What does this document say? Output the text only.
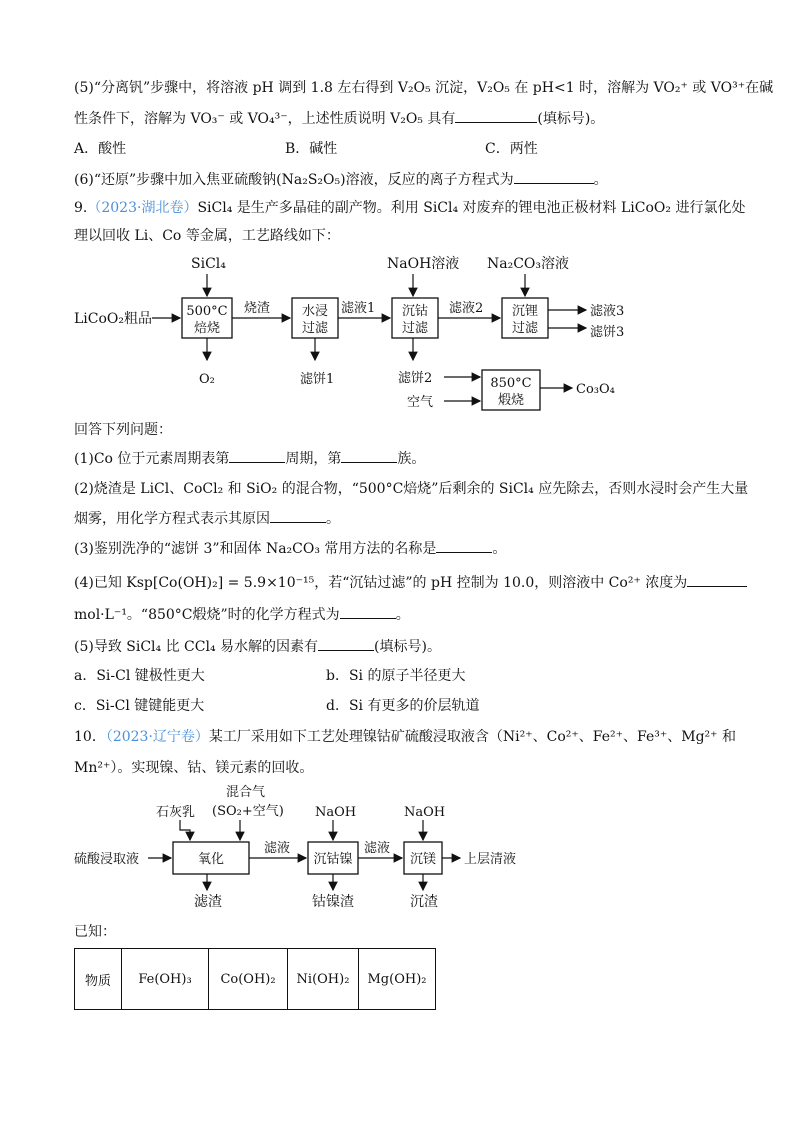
(5)“分离钒”步骤中，将溶液 pH 调到 1.8 左右得到 V₂O₅ 沉淀，V₂O₅ 在 pH<1 时，溶解为 VO₂⁺ 或 VO³⁺在碱
性条件下，溶解为 VO₃⁻ 或 VO₄³⁻，上述性质说明 V₂O₅ 具有	(填标号)。
A．酸性	B．碱性	C．两性
(6)“还原”步骤中加入焦亚硫酸钠(Na₂S₂O₅)溶液，反应的离子方程式为	。
9.（2023·湖北卷）SiCl₄ 是生产多晶硅的副产物。利用 SiCl₄ 对废弃的锂电池正极材料 LiCoO₂ 进行氯化处
理以回收 Li、Co 等金属，工艺路线如下：
SiCl₄	NaOH溶液 Na₂CO₃溶液
LiCoO₂粗品	500°C
焙烧
烧渣
O₂
水浸
过滤
滤液1
滤饼1
沉钴
过滤
滤液2 沉锂
过滤
滤液3
滤饼3
滤饼2
空气
850°C
煅烧
Co₃O₄
回答下列问题：
(1)Co 位于元素周期表第	周期，第	族。
(2)烧渣是 LiCl、CoCl₂ 和 SiO₂ 的混合物，“500°C焙烧”后剩余的 SiCl₄ 应先除去，否则水浸时会产生大量
烟雾，用化学方程式表示其原因	。
(3)鉴别洗净的“滤饼 3”和固体 Na₂CO₃ 常用方法的名称是	。
(4)已知 Ksp[Co(OH)₂] = 5.9×10⁻¹⁵，若“沉钴过滤”的 pH 控制为 10.0，则溶液中 Co²⁺ 浓度为
mol·L⁻¹。“850°C煅烧”时的化学方程式为	。
(5)导致 SiCl₄ 比 CCl₄ 易水解的因素有	(填标号)。
a．Si-Cl 键极性更大	b．Si 的原子半径更大
c．Si-Cl 键键能更大	d．Si 有更多的价层轨道
10．（2023·辽宁卷）某工厂采用如下工艺处理镍钴矿硫酸浸取液含（Ni²⁺、Co²⁺、Fe²⁺、Fe³⁺、Mg²⁺ 和
Mn²⁺）。实现镍、钴、镁元素的回收。
混合气
(SO₂+空气)
石灰乳	NaOH	NaOH
硫酸浸取液	氧化
滤液
沉钴镍
滤液
沉镁 上层清液
滤渣	钴镍渣	沉渣
已知：
物质	Fe(OH)₃	Co(OH)₂	Ni(OH)₂	Mg(OH)₂
